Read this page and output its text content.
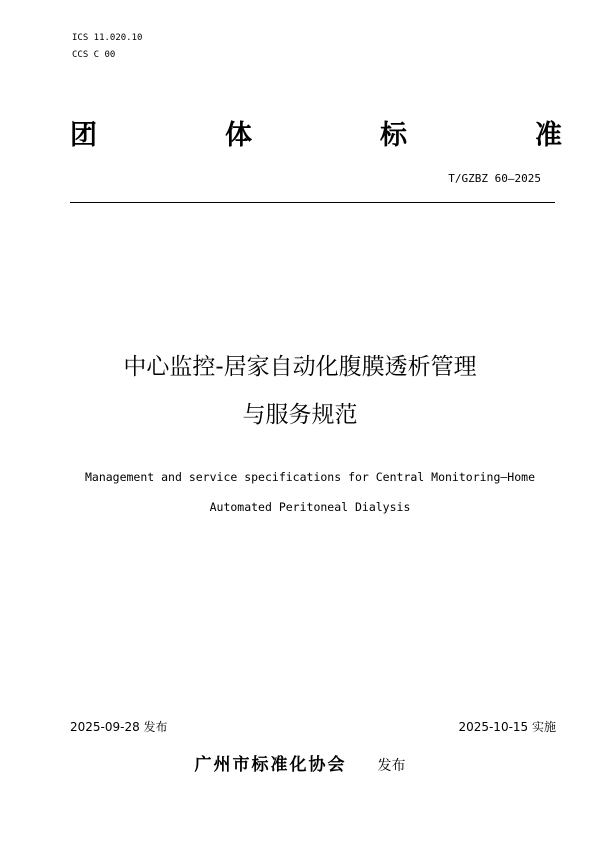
ICS 11.020.10
CCS C 00
团	体	标	准
T/GZBZ 60—2025
中心监控-居家自动化腹膜透析管理
与服务规范
Management and service specifications for Central Monitoring—Home
Automated Peritoneal Dialysis
2025-09-28 发布	2025-10-15 实施
广州市标准化协会 发布
